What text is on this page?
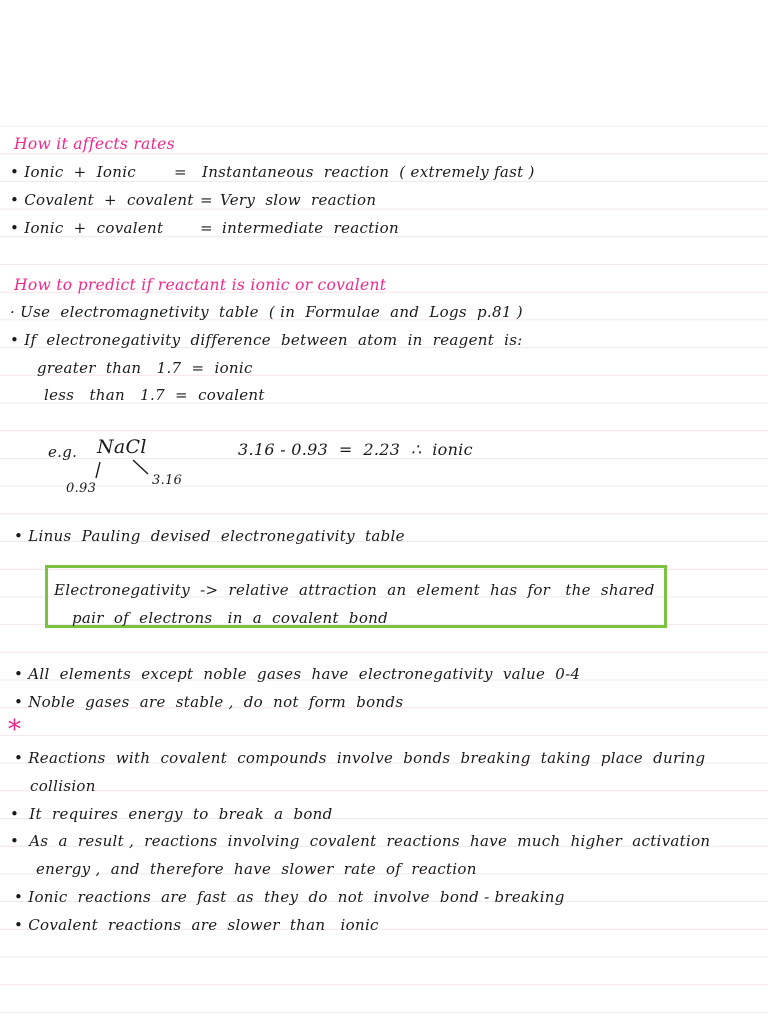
How it affects rates
• Ionic  +  Ionic	= Instantaneous  reaction  ( extremely fast )
• Covalent  +  covalent = Very  slow  reaction
• Ionic  +  covalent = intermediate  reaction
How to predict if reactant is ionic or covalent
· Use  electromagnetivity  table  ( in  Formulae  and  Logs  p.81 )
• If  electronegativity  difference  between  atom  in  reagent  is:
greater  than   1.7  =  ionic
less   than   1.7  =  covalent
e.g. NaCl
0.93
3.16
3.16 - 0.93  =  2.23  ∴  ionic
• Linus  Pauling  devised  electronegativity  table
Electronegativity  ->  relative  attraction  an  element  has  for   the  shared
pair  of  electrons   in  a  covalent  bond
• All  elements  except  noble  gases  have  electronegativity  value  0-4
• Noble  gases  are  stable ,  do  not  form  bonds
*
• Reactions  with  covalent  compounds  involve  bonds  breaking  taking  place  during
collision
•  It  requires  energy  to  break  a  bond
•  As  a  result ,  reactions  involving  covalent  reactions  have  much  higher  activation
energy ,  and  therefore  have  slower  rate  of  reaction
• Ionic  reactions  are  fast  as  they  do  not  involve  bond - breaking
• Covalent  reactions  are  slower  than   ionic
